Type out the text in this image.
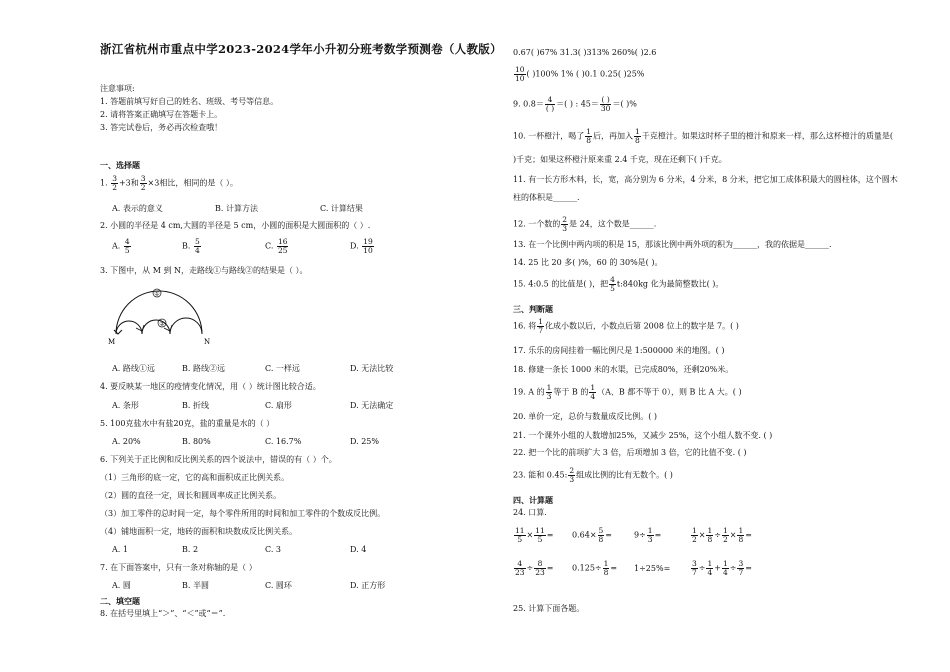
浙江省杭州市重点中学2023-2024学年小升初分班考数学预测卷（人教版）
注意事项:
1. 答题前填写好自己的姓名、班级、考号等信息。
2. 请将答案正确填写在答题卡上。
3. 答完试卷后，务必再次检查哦！
一、选择题
1. $\frac{3}{2} +3$和 $\frac{3}{2} \times 3$相比，相同的是（ ）。
A. 表示的意义	B. 计算方法	C. 计算结果
2. 小圆的半径是 4 cm,大圆的半径是 5 cm，小圆的面积是大圆面积的（ ）.
A. $\frac{4}{5}$	B. $\frac{5}{4}$	C. $\frac{16}{25}$	D. $\frac{19}{10}$
3. 下图中，从 M 到 N，走路线①与路线②的结果是（ ）。
①
②
M	N
A. 路线①远	B. 路线②远	C. 一样远	D. 无法比较
4. 要反映某一地区的疫情变化情况，用（ ）统计图比较合适。
A. 条形	B. 折线	C. 扇形	D. 无法确定
5. 100克盐水中有盐20克，盐的重量是水的（ ）
A. 20%	B. 80%	C. 16.7%	D. 25%
6. 下列关于正比例和反比例关系的四个说法中，错误的有（ ）个。
（1）三角形的底一定，它的高和面积成正比例关系。
（2）圆的直径一定，周长和圆周率成正比例关系。
（3）加工零件的总时间一定，每个零件所用的时间和加工零件的个数成反比例。
（4）铺地面积一定，地砖的面积和块数成反比例关系。
A. 1	B. 2	C. 3	D. 4
7. 在下面答案中，只有一条对称轴的是（ ）
A. 圆	B. 半圆	C. 圆环	D. 正方形
二、填空题
8. 在括号里填上“＞”、“＜”或“＝”.
0.67( )67% 31.3( )313% 260%( )2.6
$\frac{10}{10}$ ( )100% 1% ( )0.1 0.25( )25%
9. $0.8= \frac{4}{( )}$ ＝( ) : $45= \frac{( )}{30}$ ＝( )%
10. 一杯橙汁，喝了 $\frac{1}{8}$ 后，再加入 $\frac{1}{8}$ 千克橙汁。如果这时杯子里的橙汁和原来一样，那么这杯橙汁的质量是(
)千克；如果这杯橙汁原来重 2.4 千克，现在还剩下( )千克。
11. 有一长方形木料，长，宽，高分别为 6 分米，4 分米，8 分米，把它加工成体积最大的圆柱体，这个圆木
柱的体积是______.
12. 一个数的 $\frac{2}{3}$ 是 24，这个数是______.
13. 在一个比例中两内项的积是 15，那该比例中两外项的积为______，我的依据是______.
14. 25 比 20 多( )%，60 的 30%是( )。
15. 4:0.5 的比值是( )，把 $\frac{4}{5}$ t:840kg 化为最简整数比( )。
三、判断题
16. 将 $\frac{1}{7}$ 化成小数以后，小数点后第 2008 位上的数字是 7。( )
17. 乐乐的房间挂着一幅比例尺是 1:500000 米的地图。( )
18. 修建一条长 1000 米的水渠，已完成80%，还剩20%米。
19. A 的 $\frac{1}{3}$ 等于 B 的 $\frac{1}{4} (A$、B 都不等于 0），则 B 比 A 大。( )
20. 单价一定，总价与数量成反比例。( )
21. 一个课外小组的人数增加25%，又减少 25%，这个小组人数不变. ( )
22. 把一个比的前项扩大 3 倍，后项增加 3 倍，它的比值不变. ( )
23. 能和 0.45: $\frac{2}{3}$ 组成比例的比有无数个。( )
四、计算题
24. 口算.
$\frac{11}{5} \times \frac{11}{5} = 0.64\times \frac{5}{8}$ =	$9\div \frac{1}{3}$ =	$\frac{1}{2} \times \frac{1}{8} \div \frac{1}{2} \times \frac{1}{8}$ =
$\frac{4}{23} \div \frac{8}{23} = 0.125\div \frac{1}{8} = 1\div 25\%=$	$\frac{3}{7} \div \frac{1}{4} + \frac{1}{4} \div \frac{3}{7}$ =
25. 计算下面各题。
